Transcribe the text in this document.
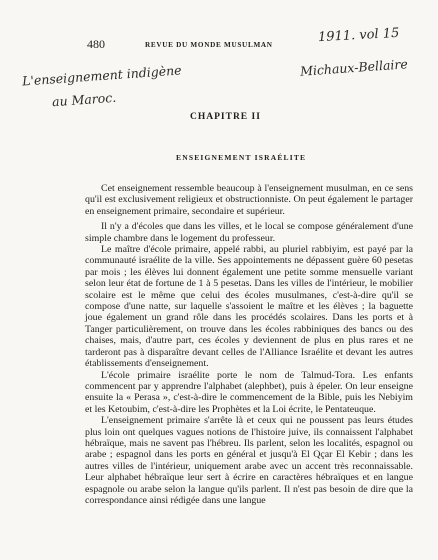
480	REVUE DU MONDE MUSULMAN	1911. vol 15
L'enseignement indigène
au Maroc.
Michaux-Bellaire
CHAPITRE II
ENSEIGNEMENT ISRAÉLITE

Cet enseignement ressemble beaucoup à l'enseignement musulman, en ce sens qu'il est exclusivement religieux et obstructionniste. On peut également le partager en enseignement primaire, secondaire et supérieur.

Il n'y a d'écoles que dans les villes, et le local se compose généralement d'une simple chambre dans le logement du professeur.

Le maître d'école primaire, appelé rabbi, au pluriel rabbiyim, est payé par la communauté israélite de la ville. Ses appointements ne dépassent guère 60 pesetas par mois ; les élèves lui donnent également une petite somme mensuelle variant selon leur état de fortune de 1 à 5 pesetas. Dans les villes de l'intérieur, le mobilier scolaire est le même que celui des écoles musulmanes, c'est-à-dire qu'il se compose d'une natte, sur laquelle s'assoient le maître et les élèves ; la baguette joue également un grand rôle dans les procédés scolaires. Dans les ports et à Tanger particulièrement, on trouve dans les écoles rabbiniques des bancs ou des chaises, mais, d'autre part, ces écoles y deviennent de plus en plus rares et ne tarderont pas à disparaître devant celles de l'Alliance Israélite et devant les autres établissements d'enseignement.

L'école primaire israélite porte le nom de Talmud-Tora. Les enfants commencent par y apprendre l'alphabet (alephbet), puis à épeler. On leur enseigne ensuite la « Perasa », c'est-à-dire le commencement de la Bible, puis les Nebiyim et les Ketoubim, c'est-à-dire les Prophètes et la Loi écrite, le Pentateuque.

L'enseignement primaire s'arrête là et ceux qui ne poussent pas leurs études plus loin ont quelques vagues notions de l'histoire juive, ils connaissent l'alphabet hébraïque, mais ne savent pas l'hébreu. Ils parlent, selon les localités, espagnol ou arabe ; espagnol dans les ports en général et jusqu'à El Qçar El Kebir ; dans les autres villes de l'intérieur, uniquement arabe avec un accent très reconnaissable. Leur alphabet hébraïque leur sert à écrire en caractères hébraïques et en langue espagnole ou arabe selon la langue qu'ils parlent. Il n'est pas besoin de dire que la correspondance ainsi rédigée dans une langue
